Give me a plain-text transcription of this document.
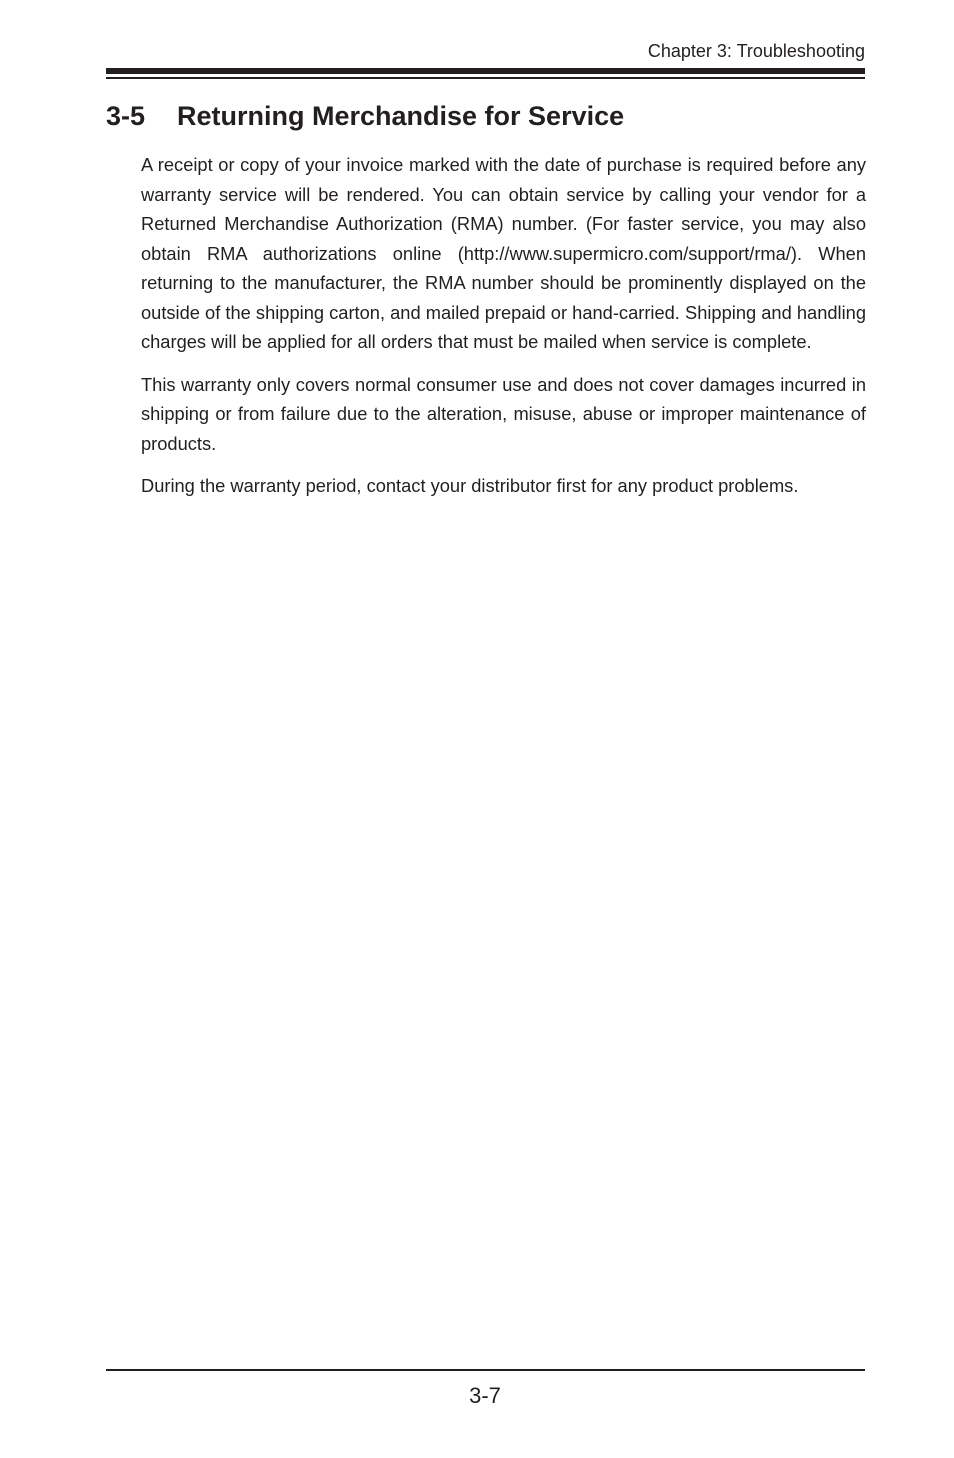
Chapter 3: Troubleshooting
3-5 Returning Merchandise for Service

A receipt or copy of your invoice marked with the date of purchase is required before any warranty service will be rendered. You can obtain service by calling your vendor for a Returned Merchandise Authorization (RMA) number. (For faster service, you may also obtain RMA authorizations online (http://www.supermicro.com/support/rma/). When returning to the manufacturer, the RMA number should be prominently displayed on the outside of the shipping carton, and mailed prepaid or hand-carried. Shipping and handling charges will be applied for all orders that must be mailed when service is complete.

This warranty only covers normal consumer use and does not cover damages incurred in shipping or from failure due to the alteration, misuse, abuse or improper maintenance of products.

During the warranty period, contact your distributor first for any product problems.

3-7
